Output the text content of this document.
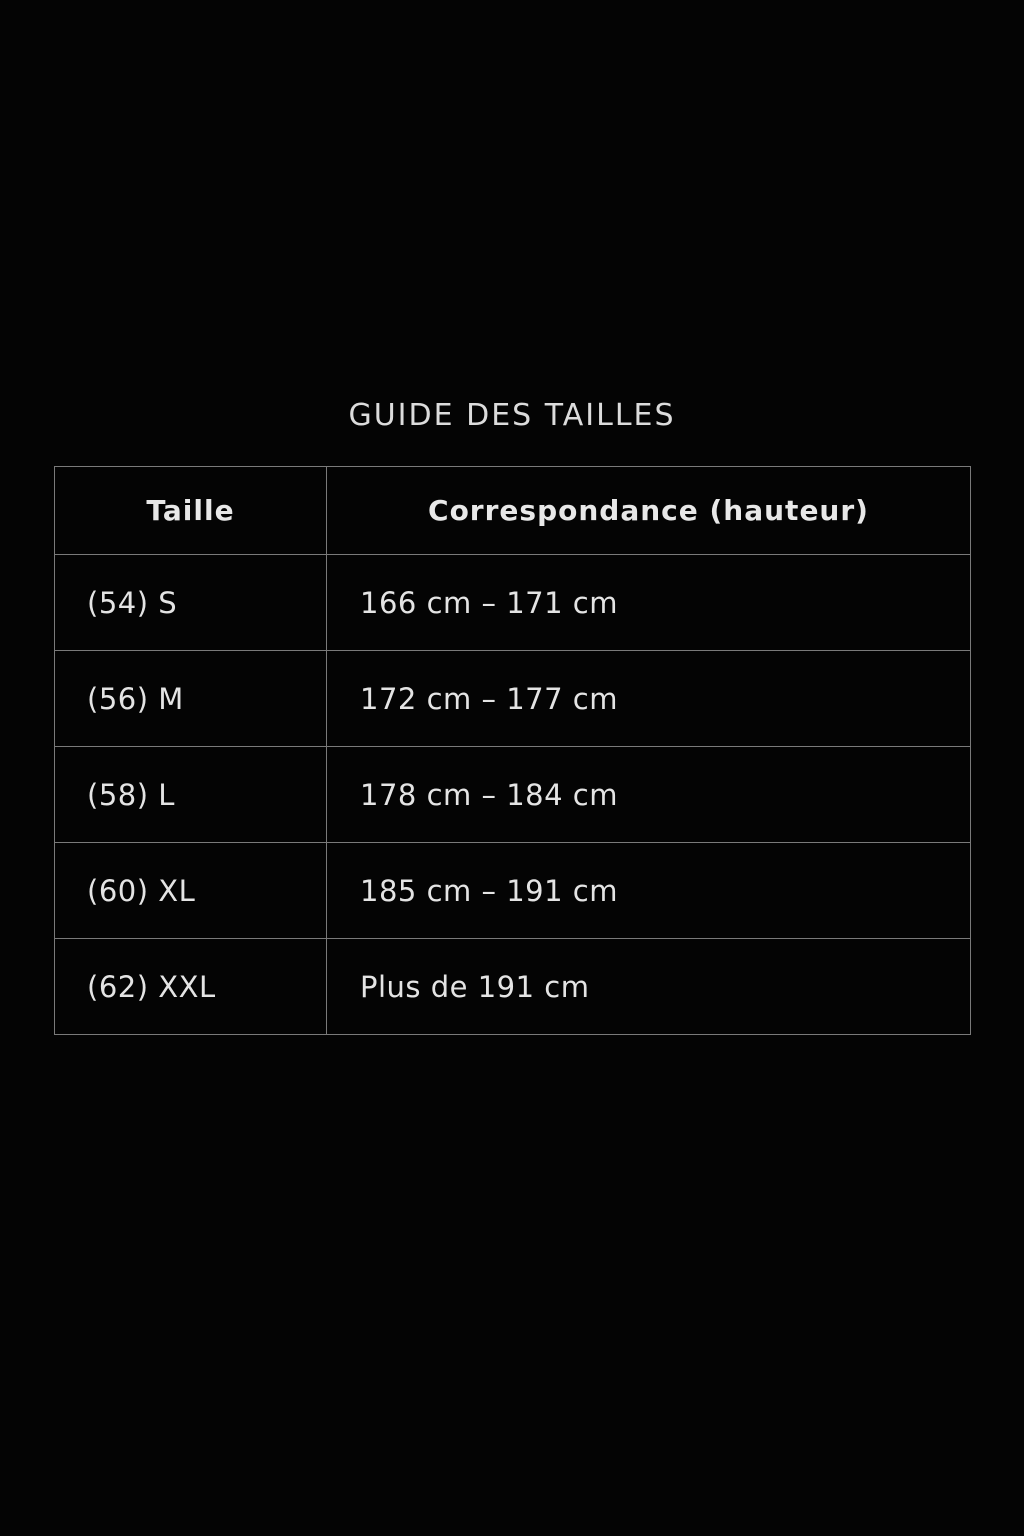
GUIDE DES TAILLES
Taille	Correspondance (hauteur)
(54) S	166 cm – 171 cm
(56) M	172 cm – 177 cm
(58) L	178 cm – 184 cm
(60) XL	185 cm – 191 cm
(62) XXL	Plus de 191 cm
